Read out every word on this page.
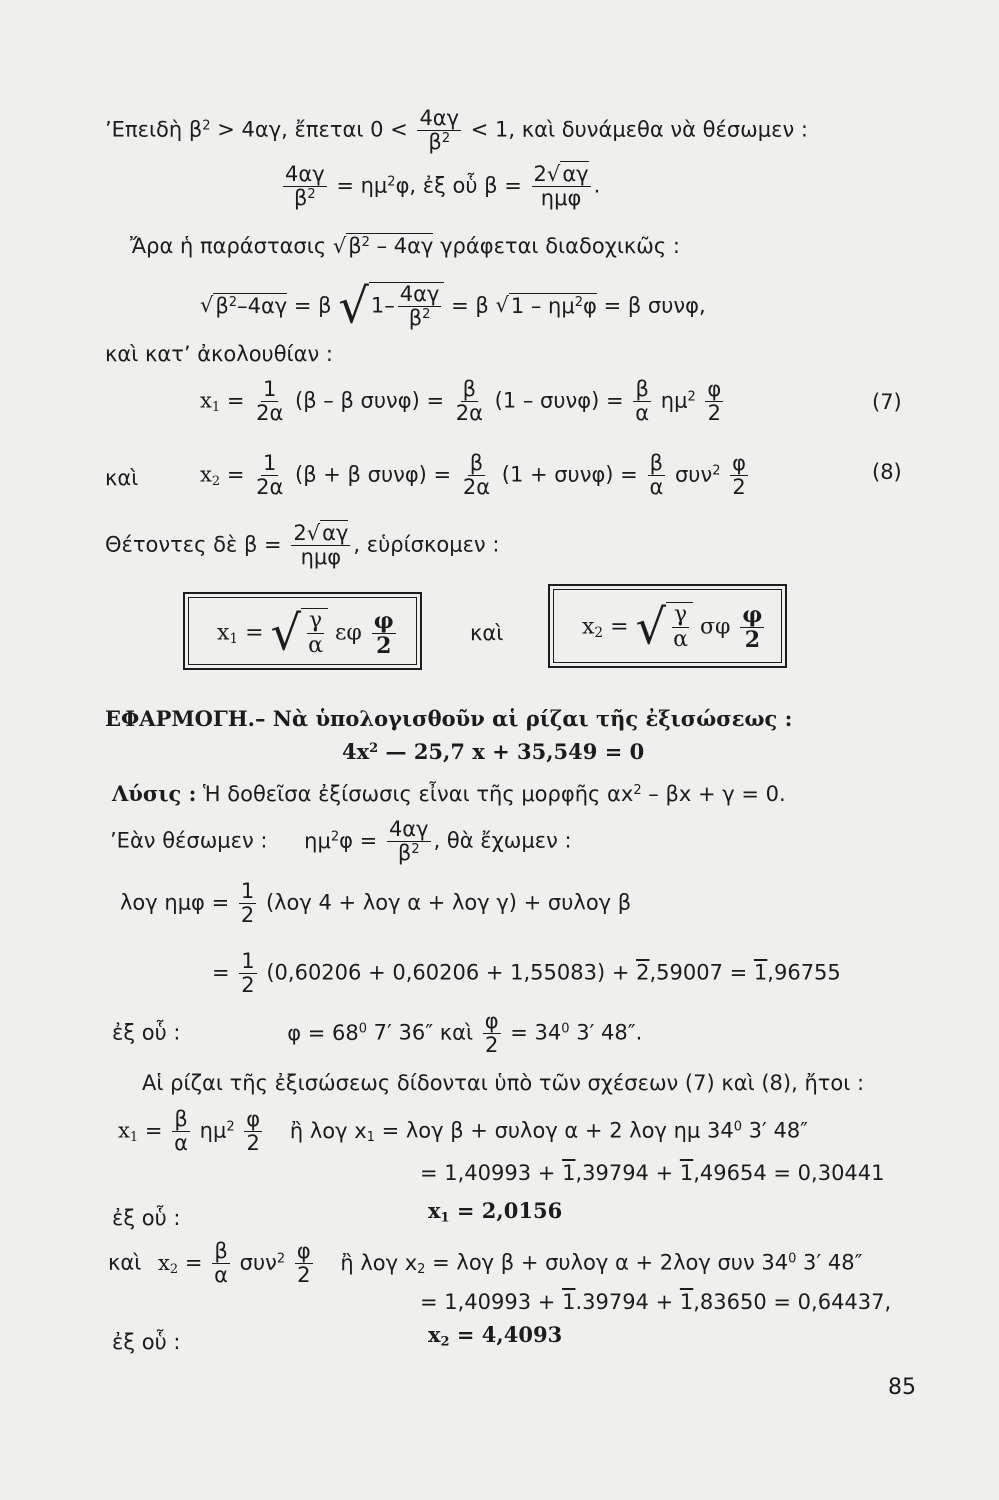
’Επειδὴ $\beta^2 > 4\alpha\gamma$, ἔπεται $0 < \frac{4\alpha\gamma}{\beta^2} < 1$, καὶ δυνάμεθα νὰ θέσωμεν :
$\frac{4\alpha\gamma}{\beta^2} = \eta\mu^2\varphi$, ἐξ οὗ $\beta = \frac{2√\alpha\gamma}{\text{ημφ}}$ .
Ἄρα ἡ παράστασις $√\beta^2 - 4\alpha\gamma$ γράφεται διαδοχικῶς :
$√\beta^2-4\alpha\gamma = \beta$ $√1- \frac{4\alpha\gamma}{\beta^2} = \beta$ $√1 - \eta\mu^2\varphi = \beta$ συνφ,
καὶ κατ’ ἀκολουθίαν :
$x_1 = \frac{1}{2\alpha} (\beta - \beta$ $\sigma\upsilon\nu\varphi) = \frac{\beta}{2\alpha} (1 - \sigma\upsilon\nu\varphi) = \frac{\beta}{\alpha} \eta\mu^2 \frac{\varphi}{2}$	(7)
καὶ	$x_2 = \frac{1}{2\alpha} (\beta + \beta$ $\sigma\upsilon\nu\varphi) = \frac{\beta}{2\alpha} (1 + \sigma\upsilon\nu\varphi) = \frac{\beta}{\alpha} \sigma\upsilon\nu^2 \frac{\varphi}{2}$	(8)
Θέτοντες δὲ $\beta = \frac{2√\alpha\gamma}{\text{ημφ}}$ , εὑρίσκομεν :
$x_1$ = √ $\frac{\gamma}{\alpha}$ εφ $\frac{\varphi}{2}$	καὶ	$x_2$ = √ $\frac{\gamma}{\alpha}$ σφ $\frac{\varphi}{2}$
ΕΦΑΡΜΟΓΗ.– Νὰ ὑπολογισθοῦν αἱ ρίζαι τῆς ἐξισώσεως :
$4x^2$ — 25,7 x + 35,549 = 0
Λύσις : Ἡ δοθεῖσα ἐξίσωσις εἶναι τῆς μορφῆς $\alpha x^2 - \beta x + \gamma = 0$.
’Εὰν θέσωμεν : $\eta\mu^2\varphi = \frac{4\alpha\gamma}{\beta^2}$ , θὰ ἔχωμεν :
λογ $\eta\mu\varphi = \frac{1}{2} (\lambda o\gamma$ 4 + λογ α + λογ γ) + συλογ β
= $\frac{1}{2} (0,60206 + 0,60206 + 1,55083) + 2,59007 = 1,96755$
ἐξ οὗ :	$\varphi = 68^0$ 7′ 36″ καὶ $\frac{\varphi}{2} = 34^0$ 3′ 48″.
Αἱ ρίζαι τῆς ἐξισώσεως δίδονται ὑπὸ τῶν σχέσεων (7) καὶ (8), ἤτοι :
$x_1 = \frac{\beta}{\alpha} \eta\mu^2 \frac{\varphi}{2}$ ἢ λογ $x_1 = \lambda o\gamma$ β + συλογ α + 2 λογ ημ $34^0$ 3′ 48″
= 1,40993 + 1,39794 + 1,49654 = 0,30441
ἐξ οὗ :	$x_1 = 2,0156$
καὶ $x_2 = \frac{\beta}{\alpha} \sigma\upsilon\nu^2 \frac{\varphi}{2}$ ἢ λογ $x_2 = \lambda o\gamma$ β + συλογ α + 2λογ συν $34^0$ 3′ 48″
= 1,40993 + 1.39794 + 1,83650 = 0,64437,
ἐξ οὗ :	$x_2 = 4,4093$
85
